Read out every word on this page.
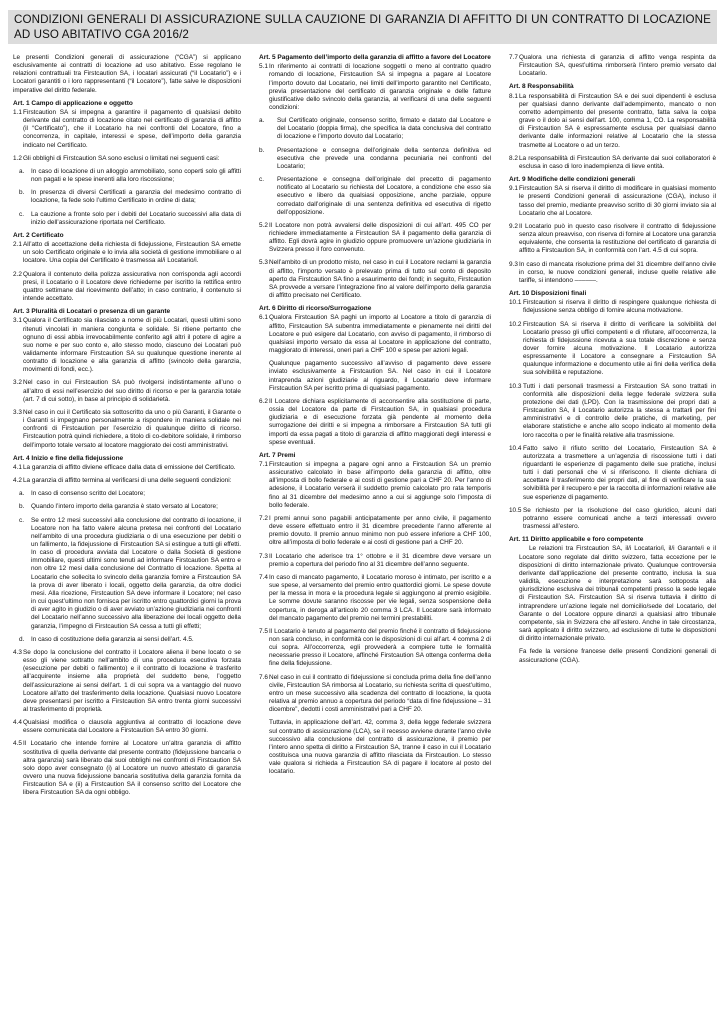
CONDIZIONI GENERALI DI ASSICURAZIONE SULLA CAUZIONE DI GARANZIA DI AFFITTO DI UN CONTRATTO DI LOCAZIONE AD USO ABITATIVO CGA 2016/2

Le presenti Condizioni generali di assicurazione (“CGA”) si applicano esclusivamente ai contratti di locazione ad uso abitativo. Esse regolano le relazioni contrattuali tra Firstcaution SA, i locatari assicurati (“il Locatario”) e i Locatori garantiti o i loro rappresentanti (“il Locatore”), fatte salve le disposizioni imperative del diritto federale.

Art. 1 Campo di applicazione e oggetto

1.1 Firstcaution SA si impegna a garantire il pagamento di qualsiasi debito derivante dal contratto di locazione citato nel certificato di garanzia di affitto (il “Certificato”), che il Locatario ha nei confronti del Locatore, fino a concorrenza, in capitale, interessi e spese, dell’importo della garanzia indicato nel Certificato.

1.2 Gli obblighi di Firstcaution SA sono esclusi o limitati nei seguenti casi:

a. In caso di locazione di un alloggio ammobiliato, sono coperti solo gli affitti non pagati e le spese inerenti alla loro riscossione;

b. In presenza di diversi Certificati a garanzia del medesimo contratto di locazione, fa fede solo l’ultimo Certificato in ordine di data;

c. La cauzione a fronte solo per i debiti del Locatario successivi alla data di inizio dell’assicurazione riportata nel Certificato.

Art. 2 Certificato

2.1 All’atto di accettazione della richiesta di fidejussione, Firstcaution SA emette un solo Certificato originale e lo invia alla società di gestione immobiliare o al locatore. Una copia del Certificato è trasmessa al/i Locatario/i.

2.2 Qualora il contenuto della polizza assicurativa non corrisponda agli accordi presi, il Locatario o il Locatore deve richiederne per iscritto la rettifica entro quattro settimane dal ricevimento dell’atto; in caso contrario, il contenuto si intende accettato.

Art. 3 Pluralità di Locatari o presenza di un garante

3.1 Qualora il Certificato sia rilasciato a nome di più Locatari, questi ultimi sono ritenuti vincolati in maniera congiunta e solidale. Si ritiene pertanto che ognuno di essi abbia irrevocabilmente conferito agli altri il potere di agire a suo nome e per suo conto e, allo stesso modo, ciascuno dei Locatari può validamente informare Firstcaution SA su qualunque questione inerente al contratto di locazione e alla garanzia di affitto (svincolo della garanzia, movimenti di fondi, ecc.).

3.2 Nel caso in cui Firstcaution SA può rivolgersi indistintamente all’uno o all’altro di essi nell’esercizio del suo diritto di ricorso e per la garanzia totale (art. 7 di cui sotto), in base al principio di solidarietà.

3.3 Nel caso in cui il Certificato sia sottoscritto da uno o più Garanti, il Garante o i Garanti si impegnano personalmente a rispondere in maniera solidale nei confronti di Firstcaution per l’esercizio di qualunque diritto di ricorso. Firstcaution potrà quindi richiedere, a titolo di co-debitore solidale, il rimborso dell’importo totale versato al locatore maggiorato dei costi amministrativi.

Art. 4 Inizio e fine della fidejussione

4.1 La garanzia di affitto diviene efficace dalla data di emissione del Certificato.

4.2 La garanzia di affitto termina al verificarsi di una delle seguenti condizioni:

a. In caso di consenso scritto del Locatore;

b. Quando l’intero importo della garanzia è stato versato al Locatore;

c. Se entro 12 mesi successivi alla conclusione del contratto di locazione, il Locatore non ha fatto valere alcuna pretesa nei confronti del Locatario nell’ambito di una procedura giudiziaria o di una esecuzione per debiti o un fallimento, la fidejussione di Firstcaution SA si estingue a tutti gli effetti. In caso di procedura avviata dal Locatore o dalla Società di gestione immobiliare, questi ultimi sono tenuti ad informare Firstcaution SA entro e non oltre 12 mesi dalla conclusione del Contratto di locazione. Spetta al Locatario che sollecita lo svincolo della garanzia fornire a Firstcaution SA la prova di aver liberato i locali, oggetto della garanzia, da oltre dodici mesi. Alla ricezione, Firstcaution SA deve informare il Locatore; nel caso in cui quest’ultimo non fornisca per iscritto entro quattordici giorni la prova di aver agito in giudizio o di aver avviato un’azione giudiziaria nei confronti del Locatario nell’anno successivo alla liberazione dei locali oggetto della garanzia, l’impegno di Firstcaution SA cessa a tutti gli effetti;

d. In caso di costituzione della garanzia ai sensi dell’art. 4.5.

4.3 Se dopo la conclusione del contratto il Locatore aliena il bene locato o se esso gli viene sottratto nell’ambito di una procedura esecutiva forzata (esecuzione per debiti o fallimento) e il contratto di locazione è trasferito all’acquirente insieme alla proprietà del suddetto bene, l’oggetto dell’assicurazione ai sensi dell’art. 1 di cui sopra va a vantaggio del nuovo Locatore all’atto del trasferimento della locazione. Qualsiasi nuovo Locatore deve presentarsi per iscritto a Firstcaution SA entro trenta giorni successivi al trasferimento di proprietà.

4.4 Qualsiasi modifica o clausola aggiuntiva al contratto di locazione deve essere comunicata dal Locatore a Firstcaution SA entro 30 giorni.

4.5 Il Locatario che intende fornire al Locatore un’altra garanzia di affitto sostitutiva di quella derivante dal presente contratto (fidejussione bancaria o altra garanzia) sarà liberato dai suoi obblighi nei confronti di Firstcaution SA solo dopo aver consegnato (i) al Locatore un nuovo attestato di garanzia ovvero una nuova fidejussione bancaria sostitutiva della garanzia fornita da Firstcaution SA e (ii) a Firstcaution SA il consenso scritto del Locatore che libera Firstcaution SA da ogni obbligo.

Art. 5 Pagamento dell’importo della garanzia di affitto a favore del Locatore

5.1 In riferimento ai contratti di locazione soggetti o meno al contratto quadro romando di locazione, Firstcaution SA si impegna a pagare al Locatore l’importo dovuto dal Locatario, nei limiti dell’importo garantito nel Certificato, previa presentazione del certificato di garanzia originale e delle fatture giustificative dello svincolo della garanzia, al verificarsi di una delle seguenti condizioni:

a. Sul Certificato originale, consenso scritto, firmato e datato dal Locatore e del Locatario (doppia firma), che specifica la data conclusiva del contratto di locazione e l’importo dovuto dal Locatario;

b. Presentazione e consegna dell’originale della sentenza definitiva ed esecutiva che prevede una condanna pecuniaria nei confronti del Locatario;

c. Presentazione e consegna dell’originale del precetto di pagamento notificato al Locatario su richiesta del Locatore, a condizione che esso sia esecutivo e libero da qualsiasi opposizione, anche parziale, oppure corredato dall’originale di una sentenza definitiva ed esecutiva di rigetto dell’opposizione.

5.2 Il Locatore non potrà avvalersi delle disposizioni di cui all’art. 495 CO per richiedere immediatamente a Firstcaution SA il pagamento della garanzia di affitto. Egli dovrà agire in giudizio oppure promuovere un’azione giudiziaria in Svizzera presso il foro convenuto.

5.3 Nell’ambito di un prodotto misto, nel caso in cui il Locatore reclami la garanzia di affitto, l’importo versato è prelevato prima di tutto sul conto di deposito aperto da Firstcaution SA fino a esaurimento dei fondi; in seguito, Firstcaution SA provvede a versare l’integrazione fino al valore dell’importo della garanzia di affitto precisato nel Certificato.

Art. 6 Diritto di ricorso/Surrogazione

6.1 Qualora Firstcaution SA paghi un importo al Locatore a titolo di garanzia di affitto, Firstcaution SA subentra immediatamente e pienamente nei diritti del Locatore e può esigere dal Locatario, con avviso di pagamento, il rimborso di qualsiasi importo versato da essa al Locatore in applicazione del contratto, maggiorato di interessi, oneri pari a CHF 100 e spese per azioni legali.

Qualunque pagamento successivo all’avviso di pagamento deve essere inviato esclusivamente a Firstcaution SA. Nel caso in cui il Locatore intraprenda azioni giudiziarie al riguardo, il Locatario deve informare Firstcaution SA per iscritto prima di qualsiasi pagamento.

6.2 Il Locatore dichiara esplicitamente di acconsentire alla sostituzione di parte, ossia del Locatore da parte di Firstcaution SA, in qualsiasi procedura giudiziaria e di esecuzione forzata già pendente al momento della surrogazione dei diritti e si impegna a rimborsare a Firstcaution SA tutti gli importi da essa pagati a titolo di garanzia di affitto maggiorati degli interessi e spese eventuali.

Art. 7 Premi

7.1 Firstcaution si impegna a pagare ogni anno a Firstcaution SA un premio assicurativo calcolato in base all’importo della garanzia di affitto, oltre all’imposta di bollo federale e ai costi di gestione pari a CHF 20. Per l’anno di adesione, il Locatario verserà il suddetto premio calcolato pro rata temporis fino al 31 dicembre del medesimo anno a cui si aggiunge solo l’imposta di bollo federale.

7.2 I premi annui sono pagabili anticipatamente per anno civile, il pagamento deve essere effettuato entro il 31 dicembre precedente l’anno afferente al premio dovuto. Il premio annuo minimo non può essere inferiore a CHF 100, oltre all’imposta di bollo federale e ai costi di gestione pari a CHF 20.

7.3 Il Locatario che aderisce tra 1° ottobre e il 31 dicembre deve versare un premio a copertura del periodo fino al 31 dicembre dell’anno seguente.

7.4 In caso di mancato pagamento, il Locatario moroso è intimato, per iscritto e a sue spese, al versamento del premio entro quattordici giorni. Le spese dovute per la messa in mora e la procedura legale si aggiungono al premio esigibile. Le somme dovute saranno riscosse per vie legali, senza sospensione della copertura, in deroga all’articolo 20 comma 3 LCA. Il Locatore sarà informato del mancato pagamento del premio nei termini prestabiliti.

7.5 Il Locatario è tenuto al pagamento del premio finché il contratto di fidejussione non sarà concluso, in conformità con le disposizioni di cui all’art. 4 comma 2 di cui sopra. All’occorrenza, egli provvederà a compiere tutte le formalità necessarie presso il Locatore, affinché Firstcaution SA ottenga conferma della fine della fidejussione.

7.6 Nel caso in cui il contratto di fidejussione si concluda prima della fine dell’anno civile, Firstcaution SA rimborsa al Locatario, su richiesta scritta di quest’ultimo, entro un mese successivo alla scadenza del contratto di locazione, la quota relativa al premio annuo a copertura del periodo “data di fine fidejussione – 31 dicembre”, dedotti i costi amministrativi pari a CHF 20.

Tuttavia, in applicazione dell’art. 42, comma 3, della legge federale svizzera sul contratto di assicurazione (LCA), se il recesso avviene durante l’anno civile successivo alla conclusione del contratto di assicurazione, il premio per l’intero anno spetta di diritto a Firstcaution SA, tranne il caso in cui il Locatario costituisca una nuova garanzia di affitto rilasciata da Firstcaution. Lo stesso vale qualora si richieda a Firstcaution SA di pagare il locatore al posto del locatario.

7.7 Qualora una richiesta di garanzia di affitto venga respinta da Firstcaution SA, quest’ultima rimborserà l’intero premio versato dal Locatario.

Art. 8 Responsabilità

8.1 La responsabilità di Firstcaution SA e dei suoi dipendenti è esclusa per qualsiasi danno derivante dall’adempimento, mancato o non corretto adempimento del presente contratto, fatta salva la colpa grave o il dolo ai sensi dell’art. 100, comma 1, CO. La responsabilità di Firstcaution SA è espressamente esclusa per qualsiasi danno derivante dalle informazioni relative al Locatario che la stessa trasmette al Locatore o ad un terzo.

8.2 La responsabilità di Firstcaution SA derivante dai suoi collaboratori è esclusa in caso di loro inadempienza di lieve entità.

Art. 9 Modifiche delle condizioni generali

9.1 Firstcaution SA si riserva il diritto di modificare in qualsiasi momento le presenti Condizioni generali di assicurazione (CGA), incluso il tasso del premio, mediante preavviso scritto di 30 giorni inviato sia al Locatario che al Locatore.

9.2 Il Locatario può in questo caso risolvere il contratto di fidejussione senza alcun preavviso, con riserva di fornire al Locatore una garanzia equivalente, che consenta la restituzione del certificato di garanzia di affitto a Firstcaution SA, in conformità con l’art. 4.5 di cui sopra.

9.3 In caso di mancata risoluzione prima del 31 dicembre dell’anno civile in corso, le nuove condizioni generali, incluse quelle relative alle tariffe, si intendono ––––––.

Art. 10 Disposizioni finali

10.1 Firstcaution si riserva il diritto di respingere qualunque richiesta di fidejussione senza obbligo di fornire alcuna motivazione.

10.2 Firstcaution SA si riserva il diritto di verificare la solvibilità del Locatario presso gli uffici competenti e di rifiutare, all’occorrenza, la richiesta di fidejussione ricevuta a sua totale discrezione e senza dover fornire alcuna motivazione. Il Locatario autorizza espressamente il Locatore a consegnare a Firstcaution SA qualunque informazione e documento utile ai fini della verifica della sua solvibilità e reputazione.

10.3 Tutti i dati personali trasmessi a Firstcaution SA sono trattati in conformità alle disposizioni della legge federale svizzera sulla protezione dei dati (LPD). Con la trasmissione dei propri dati a Firstcaution SA, il Locatario autorizza la stessa a trattarli per fini amministrativi e di controllo delle pratiche, di marketing, per elaborare statistiche e anche allo scopo indicato al momento della loro raccolta o per le finalità relative alla trasmissione.

10.4 Fatto salvo il rifiuto scritto del Locatario, Firstcaution SA è autorizzata a trasmettere a un’agenzia di riscossione tutti i dati riguardanti le esperienze di pagamento delle sue pratiche, inclusi tutti i dati personali che vi si riferiscono. Il cliente dichiara di accettare il trasferimento dei propri dati, al fine di verificare la sua solvibilità per il recupero e per la raccolta di informazioni relative alle sue esperienze di pagamento.

10.5 Se richiesto per la risoluzione del caso giuridico, alcuni dati potranno essere comunicati anche a terzi interessati ovvero trasmessi all’estero.

Art. 11 Diritto applicabile e foro competente

Le relazioni tra Firstcaution SA, il/i Locatario/i, il/i Garante/i e il Locatore sono regolate dal diritto svizzero, fatta eccezione per le disposizioni di diritto internazionale privato. Qualunque controversia derivante dall’applicazione del presente contratto, inclusa la sua validità, esecuzione e interpretazione sarà sottoposta alla giurisdizione esclusiva dei tribunali competenti presso la sede legale di Firstcaution SA. Firstcaution SA si riserva tuttavia il diritto di intraprendere un’azione legale nel domicilio/sede del Locatario, del Garante o del Locatore oppure dinanzi a qualsiasi altro tribunale competente, sia in Svizzera che all’estero. Anche in tale circostanza, sarà applicato il diritto svizzero, ad esclusione di tutte le disposizioni di diritto internazionale privato.

Fa fede la versione francese delle presenti Condizioni generali di assicurazione (CGA).
